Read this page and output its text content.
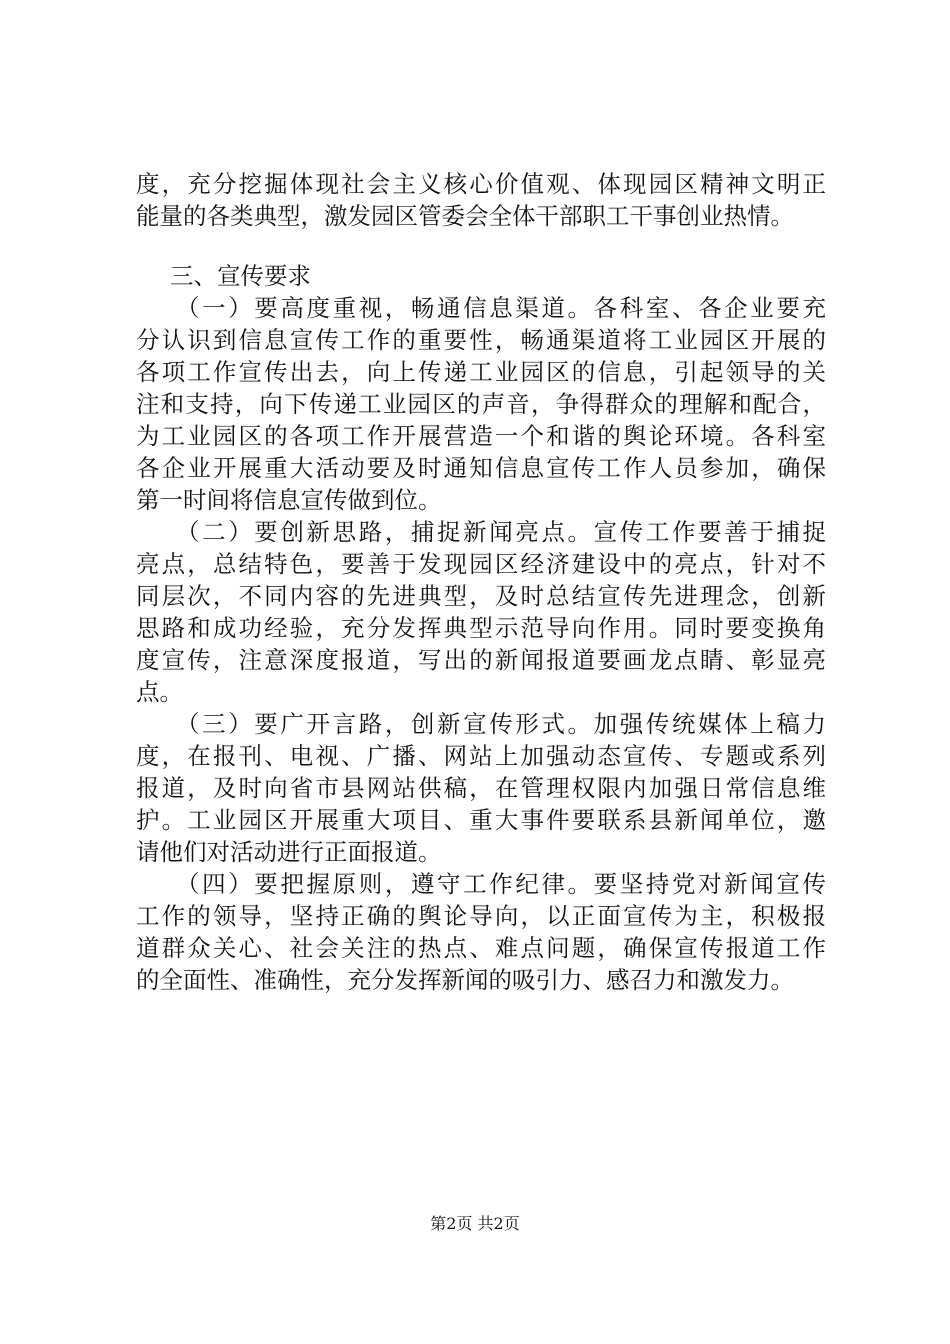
度，充分挖掘体现社会主义核心价值观、体现园区精神文明正
能量的各类典型，激发园区管委会全体干部职工干事创业热情。
三、宣传要求
（一）要高度重视，畅通信息渠道。各科室、各企业要充
分认识到信息宣传工作的重要性，畅通渠道将工业园区开展的
各项工作宣传出去，向上传递工业园区的信息，引起领导的关
注和支持，向下传递工业园区的声音，争得群众的理解和配合，
为工业园区的各项工作开展营造一个和谐的舆论环境。各科室
各企业开展重大活动要及时通知信息宣传工作人员参加，确保
第一时间将信息宣传做到位。
（二）要创新思路，捕捉新闻亮点。宣传工作要善于捕捉
亮点，总结特色，要善于发现园区经济建设中的亮点，针对不
同层次，不同内容的先进典型，及时总结宣传先进理念，创新
思路和成功经验，充分发挥典型示范导向作用。同时要变换角
度宣传，注意深度报道，写出的新闻报道要画龙点睛、彰显亮
点。
（三）要广开言路，创新宣传形式。加强传统媒体上稿力
度，在报刊、电视、广播、网站上加强动态宣传、专题或系列
报道，及时向省市县网站供稿，在管理权限内加强日常信息维
护。工业园区开展重大项目、重大事件要联系县新闻单位，邀
请他们对活动进行正面报道。
（四）要把握原则，遵守工作纪律。要坚持党对新闻宣传
工作的领导，坚持正确的舆论导向，以正面宣传为主，积极报
道群众关心、社会关注的热点、难点问题，确保宣传报道工作
的全面性、准确性，充分发挥新闻的吸引力、感召力和激发力。
第2页 共2页
